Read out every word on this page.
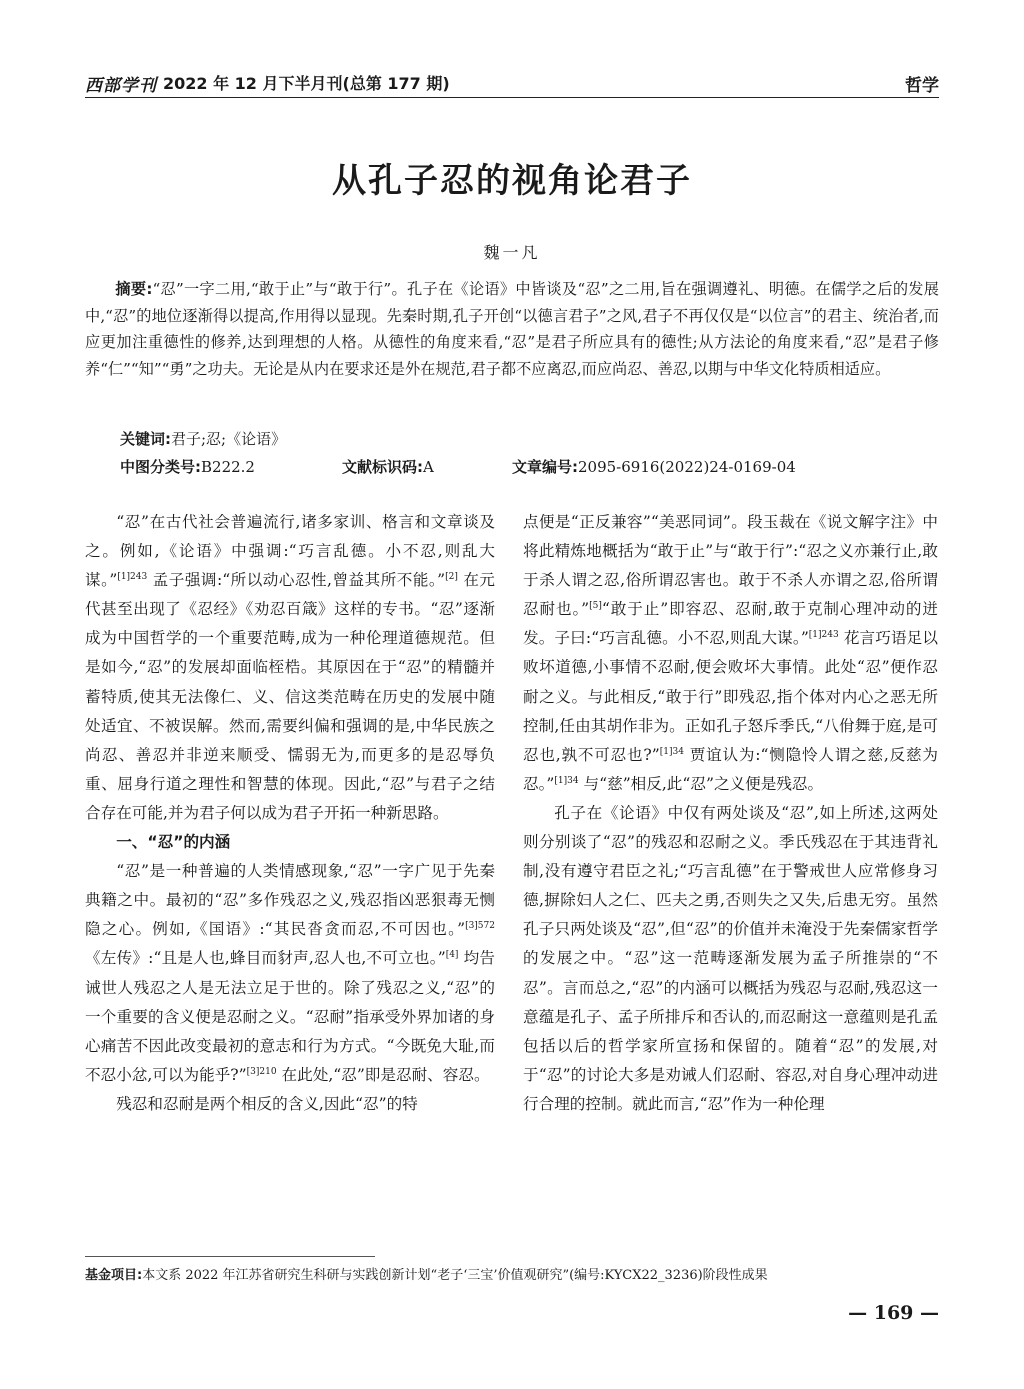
西部学刊 2022 年 12 月下半月刊(总第 177 期)	哲学
从孔子忍的视角论君子
魏一凡
摘要:“忍”一字二用,“敢于止”与“敢于行”。孔子在《论语》中皆谈及“忍”之二用,旨在强调遵礼、明德。在儒学之后的发展中,“忍”的地位逐渐得以提高,作用得以显现。先秦时期,孔子开创“以德言君子”之风,君子不再仅仅是“以位言”的君主、统治者,而应更加注重德性的修养,达到理想的人格。从德性的角度来看,“忍”是君子所应具有的德性;从方法论的角度来看,“忍”是君子修养“仁”“知”“勇”之功夫。无论是从内在要求还是外在规范,君子都不应离忍,而应尚忍、善忍,以期与中华文化特质相适应。
关键词:君子;忍;《论语》
中图分类号:B222.2	文献标识码:A	文章编号:2095-6916(2022)24-0169-04

“忍”在古代社会普遍流行,诸多家训、格言和文章谈及之。例如,《论语》中强调:“巧言乱德。小不忍,则乱大谋。”$^{[1]243}$ 孟子强调:“所以动心忍性,曾益其所不能。”[2] 在元代甚至出现了《忍经》《劝忍百箴》这样的专书。“忍”逐渐成为中国哲学的一个重要范畴,成为一种伦理道德规范。但是如今,“忍”的发展却面临桎梏。其原因在于“忍”的精髓并蓄特质,使其无法像仁、义、信这类范畴在历史的发展中随处适宜、不被误解。然而,需要纠偏和强调的是,中华民族之尚忍、善忍并非逆来顺受、懦弱无为,而更多的是忍辱负重、屈身行道之理性和智慧的体现。因此,“忍”与君子之结合存在可能,并为君子何以成为君子开拓一种新思路。

一、“忍”的内涵

“忍”是一种普遍的人类情感现象,“忍”一字广见于先秦典籍之中。最初的“忍”多作残忍之义,残忍指凶恶狠毒无恻隐之心。例如,《国语》:“其民沓贪而忍,不可因也。”$^{[3]572}$《左传》:“且是人也,蜂目而豺声,忍人也,不可立也。”[4] 均告诫世人残忍之人是无法立足于世的。除了残忍之义,“忍”的一个重要的含义便是忍耐之义。“忍耐”指承受外界加诸的身心痛苦不因此改变最初的意志和行为方式。“今既免大耻,而不忍小忿,可以为能乎?”$^{[3]210}$ 在此处,“忍”即是忍耐、容忍。

残忍和忍耐是两个相反的含义,因此“忍”的特

点便是“正反兼容”“美恶同词”。段玉裁在《说文解字注》中将此精炼地概括为“敢于止”与“敢于行”:“忍之义亦兼行止,敢于杀人谓之忍,俗所谓忍害也。敢于不杀人亦谓之忍,俗所谓忍耐也。”[5]“敢于止”即容忍、忍耐,敢于克制心理冲动的迸发。子曰:“巧言乱德。小不忍,则乱大谋。”$^{[1]243}$ 花言巧语足以败坏道德,小事情不忍耐,便会败坏大事情。此处“忍”便作忍耐之义。与此相反,“敢于行”即残忍,指个体对内心之恶无所控制,任由其胡作非为。正如孔子怒斥季氏,“八佾舞于庭,是可忍也,孰不可忍也?”$^{[1]34}$ 贾谊认为:“恻隐怜人谓之慈,反慈为忍。”$^{[1]34}$ 与“慈”相反,此“忍”之义便是残忍。

孔子在《论语》中仅有两处谈及“忍”,如上所述,这两处则分别谈了“忍”的残忍和忍耐之义。季氏残忍在于其违背礼制,没有遵守君臣之礼;“巧言乱德”在于警戒世人应常修身习德,摒除妇人之仁、匹夫之勇,否则失之又失,后患无穷。虽然孔子只两处谈及“忍”,但“忍”的价值并未淹没于先秦儒家哲学的发展之中。“忍”这一范畴逐渐发展为孟子所推崇的“不忍”。言而总之,“忍”的内涵可以概括为残忍与忍耐,残忍这一意蕴是孔子、孟子所排斥和否认的,而忍耐这一意蕴则是孔孟包括以后的哲学家所宣扬和保留的。随着“忍”的发展,对于“忍”的讨论大多是劝诫人们忍耐、容忍,对自身心理冲动进行合理的控制。就此而言,“忍”作为一种伦理

基金项目:本文系 2022 年江苏省研究生科研与实践创新计划“老子‘三宝’价值观研究”(编号:KYCX22_3236)阶段性成果
— 169 —
